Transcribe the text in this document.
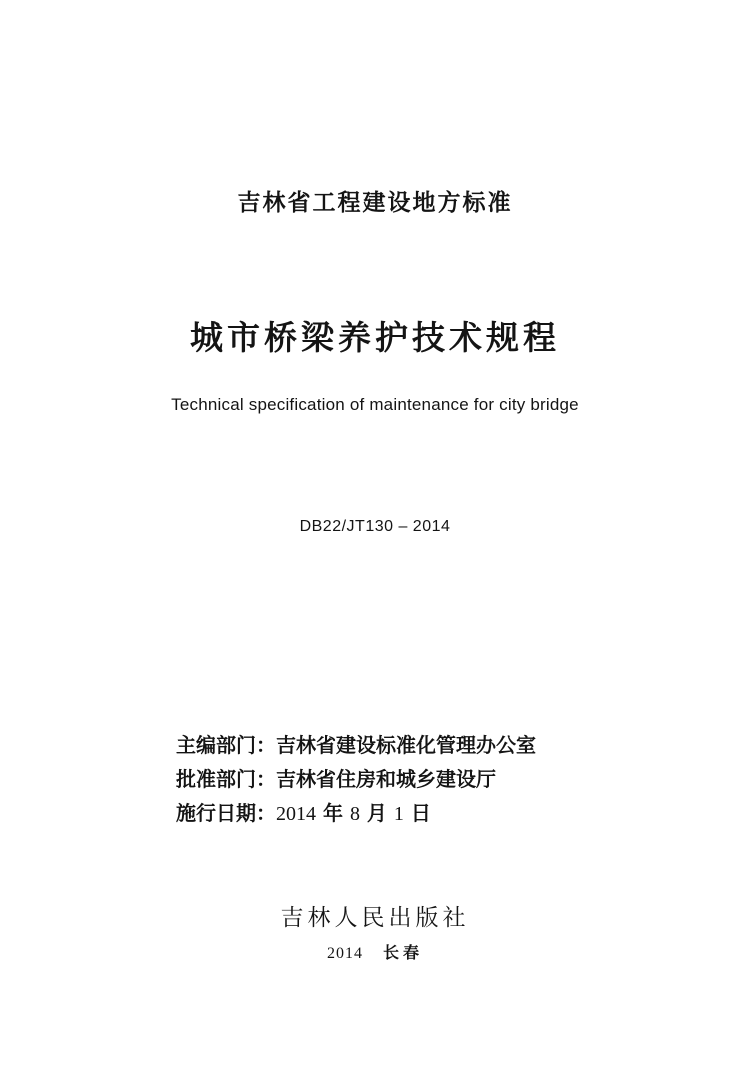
吉林省工程建设地方标准
城市桥梁养护技术规程
Technical specification of maintenance for city bridge
DB22/JT130 – 2014
主编部门：吉林省建设标准化管理办公室
批准部门：吉林省住房和城乡建设厅
施行日期：2014 年 8 月 1 日
吉林人民出版社
2014 长春
